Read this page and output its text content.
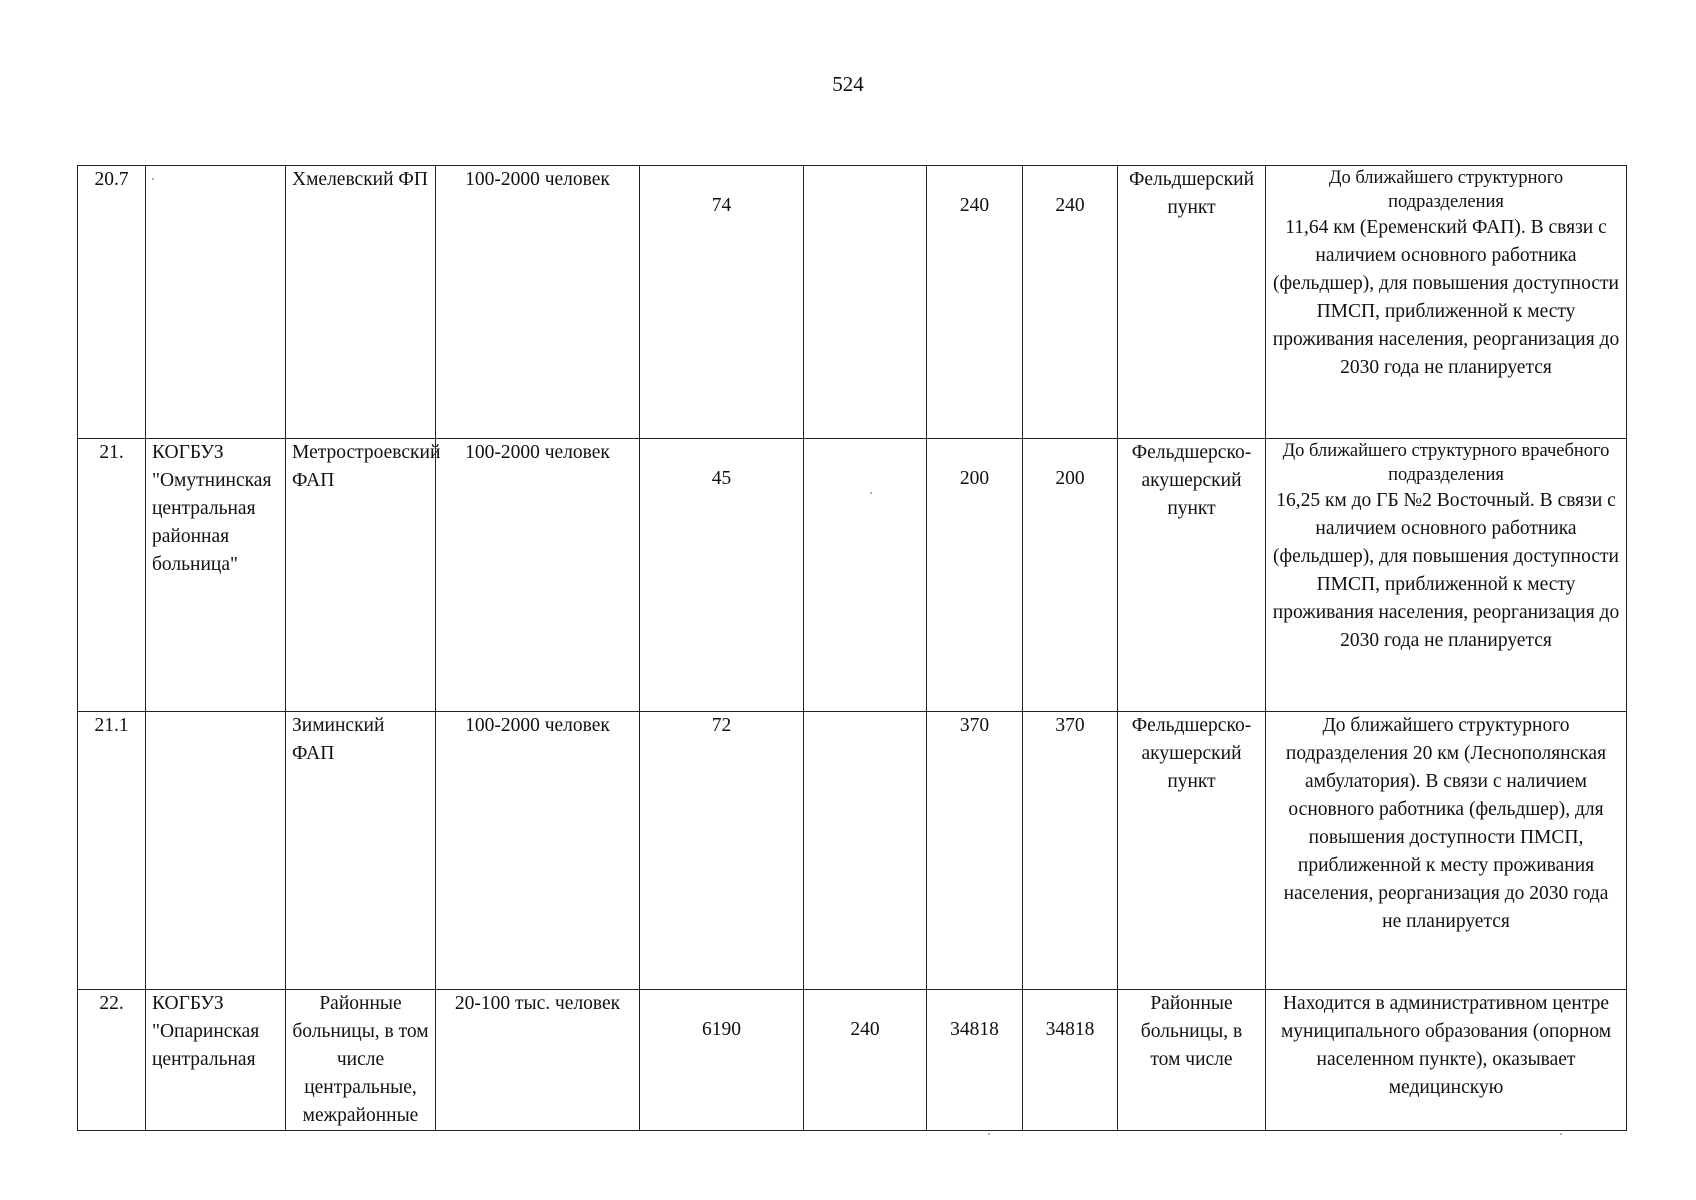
524
20.7		Хмелевский ФП	100-2000 человек	74		240	240	Фельдшерский пункт	До ближайшего структурного подразделения
11,64 км (Еременский ФАП). В связи с наличием основного работника (фельдшер), для повышения доступности ПМСП, приближенной к месту проживания населения, реорганизация до 2030 года не планируется

21.	КОГБУЗ "Омутнинская центральная районная больница"	Метростроевский ФАП	100-2000 человек	45		200	200	Фельдшерско-акушерский пункт	До ближайшего структурного врачебного подразделения
16,25 км до ГБ №2 Восточный. В связи с наличием основного работника (фельдшер), для повышения доступности ПМСП, приближенной к месту проживания населения, реорганизация до 2030 года не планируется

21.1		Зиминский ФАП	100-2000 человек	72		370	370	Фельдшерско-акушерский пункт	До ближайшего структурного подразделения 20 км (Леснополянская амбулатория). В связи с наличием основного работника (фельдшер), для повышения доступности ПМСП, приближенной к месту проживания населения, реорганизация до 2030 года не планируется

22.	КОГБУЗ "Опаринская центральная	Районные больницы, в том числе центральные, межрайонные	20-100 тыс. человек	6190	240	34818	34818	Районные больницы, в том числе	Находится в административном центре муниципального образования (опорном населенном пункте), оказывает медицинскую
